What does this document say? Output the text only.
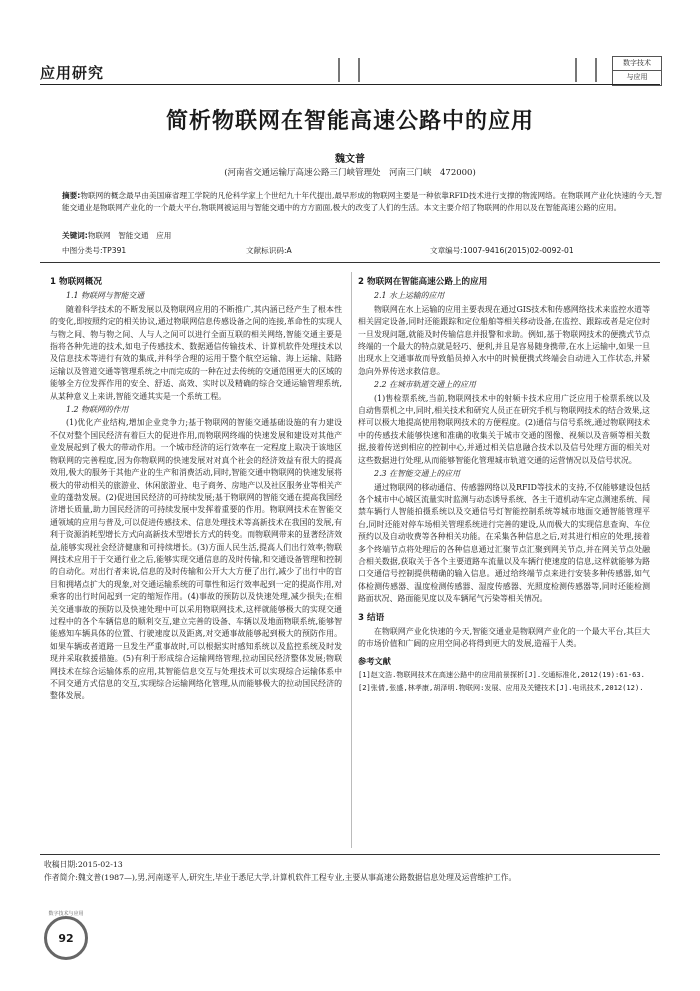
应用研究
数字技术
与应用
简析物联网在智能高速公路中的应用
魏文普
(河南省交通运输厅高速公路三门峡管理处　河南三门峡　472000)
摘要:物联网的概念最早由美国麻省理工学院的凡伦科学家上个世纪九十年代提出,最早形成的物联网主要是一种依靠RFID技术进行支撑的物流网络。在物联网产业化快速的今天,智能交通业是物联网产业化的一个最大平台,物联网被运用与智能交通中的方方面面,极大的改变了人们的生活。本文主要介绍了物联网的作用以及在智能高速公路的应用。
关键词:物联网　智能交通　应用
中图分类号:TP391	文献标识码:A	文章编号:1007-9416(2015)02-0092-01
1 物联网概况
1.1 物联网与智能交通

随着科学技术的不断发展以及物联网应用的不断推广,其内涵已经产生了根本性的变化,即按照约定的相关协议,通过物联网信息传感设备之间的连接,革命性的实现人与物之间、物与物之间、人与人之间可以进行全面互联的相关网络,智能交通主要是指将各种先进的技术,如电子传感技术、数据通信传输技术、计算机软件处理技术以及信息技术等进行有效的集成,并科学合理的运用于整个航空运输、海上运输、陆路运输以及管道交通等管理系统之中而完成的一种在过去传统的交通范围更大的区域的能够全方位发挥作用的安全、舒适、高效、实时以及精确的综合交通运输管理系统,从某种意义上来讲,智能交通其实是一个系统工程。

1.2 物联网的作用

(1)优化产业结构,增加企业竞争力;基于物联网的智能交通基础设施的有力建设不仅对整个国民经济有着巨大的促进作用,而物联网终端的快速发展和建设对其他产业发展起到了极大的带动作用。一个城市经济的运行效率在一定程度上取决于该地区物联网的完善程度,因为你物联网的快速发展对对真个社会的经济效益有很大的提高效用,极大的服务于其他产业的生产和消费活动,同时,智能交通中物联网的快速发展将极大的带动相关的旅游业、休闲旅游业、电子商务、房地产以及社区服务业等相关产业的蓬勃发展。(2)促进国民经济的可持续发展;基于物联网的智能交通在提高我国经济增长质量,助力国民经济的可持续发展中发挥着重要的作用。物联网技术在智能交通领域的应用与普及,可以促进传感技术、信息处理技术等高新技术在我国的发展,有利于资源消耗型增长方式向高新技术型增长方式的转变。而物联网带来的显著经济效益,能够实现社会经济健康和可持续增长。(3)方面人民生活,提高人们出行效率;物联网技术应用于于交通行业之后,能够实现交通信息的及时传输,和交通设备管理和控制的自动化。对出行者来说,信息的及时传输和公开大大方便了出行,减少了出行中的盲目和拥堵点扩大的现象,对交通运输系统的可靠性和运行效率起到一定的提高作用,对乘客的出行时间起到一定的缩短作用。(4)事故的预防以及快速处理,减少损失;在相关交通事故的预防以及快速处理中可以采用物联网技术,这样就能够极大的实现交通过程中的各个车辆信息的顺利交互,建立完善的设备、车辆以及地面物联系统,能够智能感知车辆具体的位置、行驶速度以及距离,对交通事故能够起到极大的预防作用。如果车辆或者道路一旦发生严重事故时,可以根据实时感知系统以及监控系统及时发现并采取救援措施。(5)有利于形成综合运输网络管理,拉动国民经济整体发展;物联网技术在综合运输体系的应用,其智能信息交互与处理技术可以实现综合运输体系中不同交通方式信息的交互,实现综合运输网络化管理,从而能够极大的拉动国民经济的整体发展。

2 物联网在智能高速公路上的应用
2.1 水上运输的应用

物联网在水上运输的应用主要表现在通过GIS技术和传感网络技术来监控水道等相关固定设备,同时还能跟踪和定位船舶等相关移动设备,在监控、跟踪或者是定位时一旦发现问题,就能及时传输信息并报警和求助。例如,基于物联网技术的便携式节点终端的一个最大的特点就是轻巧、便利,并且是容易随身携带,在水上运输中,如果一旦出现水上交通事故而导致船员掉入水中的时候便携式终端会自动进入工作状态,并紧急向外界传送求救信息。

2.2 在城市轨道交通上的应用

(1)售检票系统,当前,物联网技术中的射频卡技术应用广泛应用于检票系统以及自动售票机之中,同时,相关技术和研究人员正在研究手机与物联网技术的结合效果,这样可以极大地提高使用物联网技术的方便程度。(2)通信与信号系统,通过物联网技术中的传感技术能够快速和准确的收集关于城市交通的图像、视频以及音频等相关数据,接着传送到相应的控制中心,并通过相关信息融合技术以及信号处理方面的相关对这些数据进行处理,从而能够智能化管理城市轨道交通的运营情况以及信号状况。

2.3 在智能交通上的应用

通过物联网的移动通信、传感器网络以及RFID等技术的支持,不仅能够建设包括各个城市中心城区流量实时监测与动态诱导系统、各主干道机动车定点测速系统、闯禁车辆行人智能拍摄系统以及交通信号灯智能控制系统等城市地面交通智能管理平台,同时还能对停车场相关管理系统进行完善的建设,从而极大的实现信息查询、车位预约以及自动收费等各种相关功能。在采集各种信息之后,对其进行相应的处理,接着多个终端节点将处理后的各种信息通过汇聚节点汇聚到网关节点,并在网关节点处融合相关数据,获取关于各个主要道路车流量以及车辆行使速度的信息,这样就能够为路口交通信号控制提供精确的输入信息。通过给终端节点来进行安装多种传感器,如气体检测传感器、温度检测传感器、湿度传感器、光照度检测传感器等,同时还能检测路面状况、路面能见度以及车辆尾气污染等相关情况。

3 结语

在物联网产业化快速的今天,智能交通业是物联网产业化的一个最大平台,其巨大的市场价值和广阔的应用空间必将得到更大的发展,造福于人类。

参考文献
[1]赵文浩.物联网技术在高速公路中的应用前景探析[J].交通标准化,2012(19):61-63.
[2]张倩,张盛,林孝康,胡泽明.物联网:发展、应用及关键技术[J].电讯技术,2012(12).
收稿日期:2015-02-13
作者简介:魏文普(1987—),男,河南遂平人,研究生,毕业于悉尼大学,计算机软件工程专业,主要从事高速公路数据信息处理及运营维护工作。
数字技术与应用
92
